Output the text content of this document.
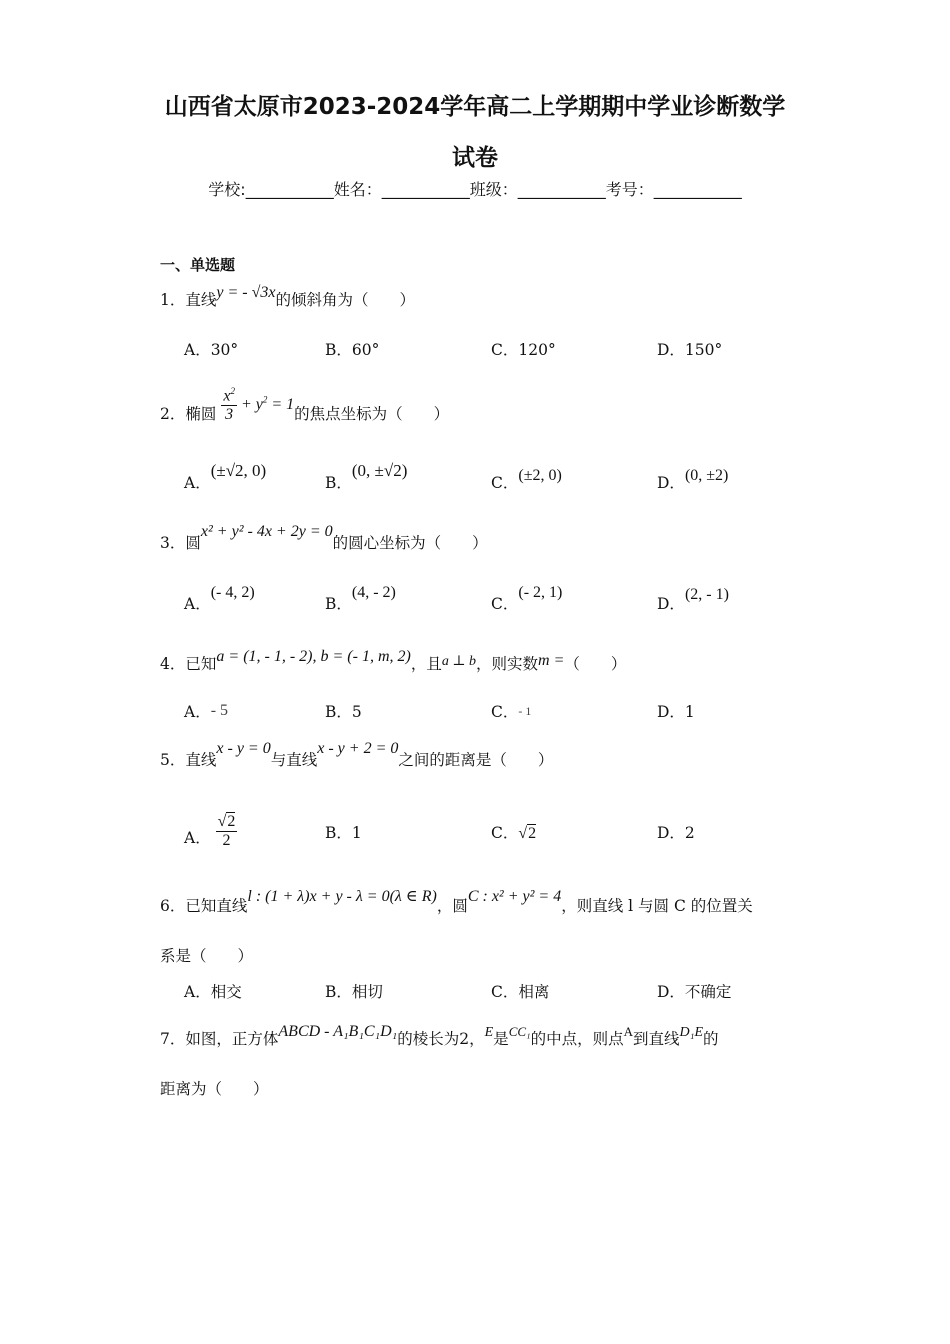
山西省太原市2023-2024学年高二上学期期中学业诊断数学
试卷
学校:___________姓名：___________班级：___________考号：___________
一、单选题
1．直线y = - √3x的倾斜角为（　　）
A．30°	B．60°	C．120°	D．150°
2．椭圆 $\frac{x^2}{3} + y^2 = 1$的焦点坐标为（　　）
A．(±√2, 0)
B．(0, ±√2)
C．(±2, 0)	D．(0, ±2)
3．圆x² + y² - 4x + 2y = 0的圆心坐标为（　　）
A．(- 4, 2)
B．(4, - 2)
C．(- 2, 1)
D．(2, - 1)
4．已知a = (1, - 1, - 2), b = (- 1, m, 2)，且a ⊥ b，则实数m =（　　）
A．- 5	B．5	C．- 1	D．1
5．直线x - y = 0与直线x - y + 2 = 0之间的距离是（　　）
A． $\frac{√2}{2}$	B．1	C．√2	D．2
6．已知直线l : (1 + λ)x + y - λ = 0(λ ∈ R)，圆C : x² + y² = 4，则直线 l 与圆 C 的位置关
系是（　　）
A．相交	B．相切	C．相离	D．不确定
7．如图，正方体ABCD - A₁B₁C₁D₁的棱长为2，E是$^{CC_1}$的中点，则点$^A$到直线D₁E的
距离为（　　）
